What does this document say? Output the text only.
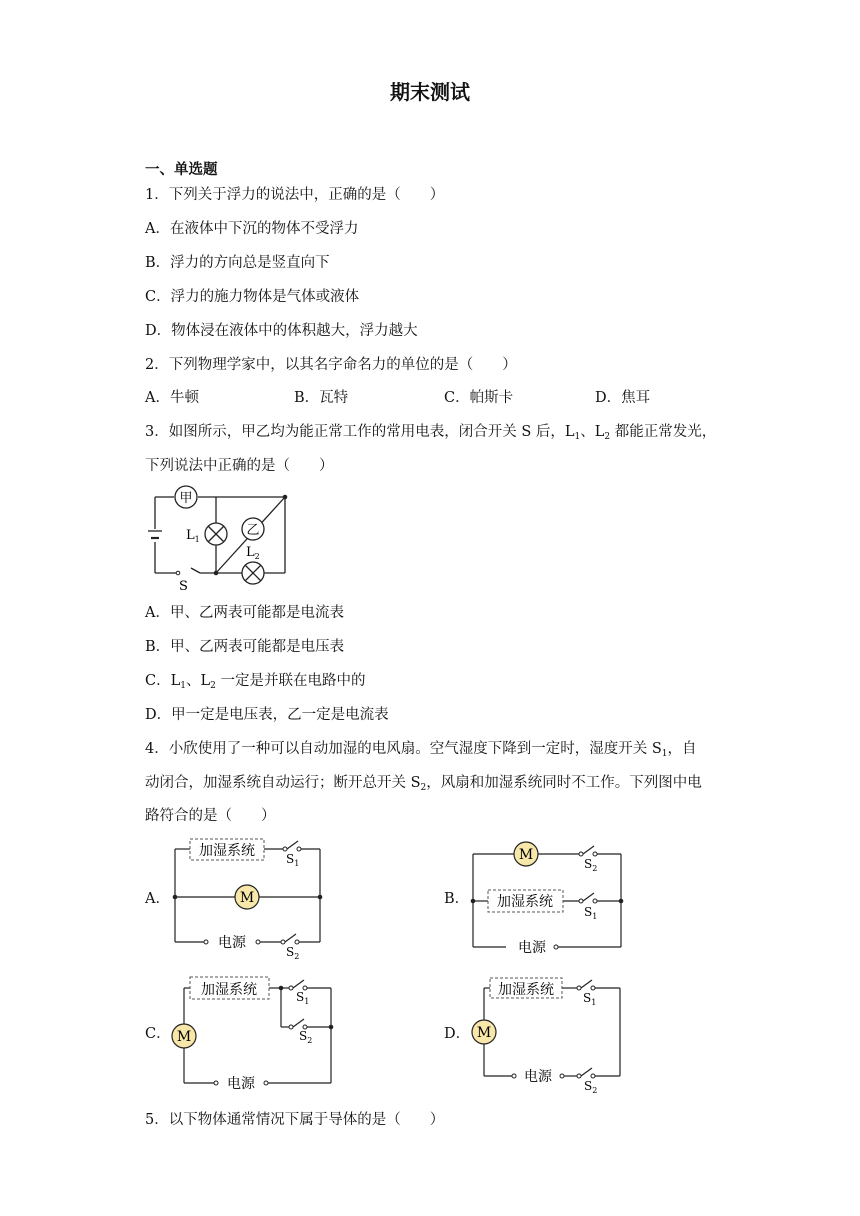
期末测试
一、单选题
1．下列关于浮力的说法中，正确的是（　　）
A．在液体中下沉的物体不受浮力
B．浮力的方向总是竖直向下
C．浮力的施力物体是气体或液体
D．物体浸在液体中的体积越大，浮力越大
2．下列物理学家中，以其名字命名力的单位的是（　　）
A．牛顿	B．瓦特	C．帕斯卡	D．焦耳
3．如图所示，甲乙均为能正常工作的常用电表，闭合开关 S 后，$L_1$、$L_2$ 都能正常发光，
下列说法中正确的是（　　）
甲
$L_1$
乙
$L_2$
S
A．甲、乙两表可能都是电流表
B．甲、乙两表可能都是电压表
C．$L_1$、$L_2$ 一定是并联在电路中的
D．甲一定是电压表，乙一定是电流表
4．小欣使用了一种可以自动加湿的电风扇。空气湿度下降到一定时，湿度开关 $S_1$，自
动闭合，加湿系统自动运行；断开总开关 $S_2$，风扇和加湿系统同时不工作。下列图中电
路符合的是（　　）
A．
加湿系统
M
$S_1$
电源
$S_2$
B．
M
加湿系统
$S_2$
$S_1$
电源
C．
加湿系统
M
$S_1$
$S_2$
电源
D．
加湿系统
M
$S_1$
电源
$S_2$
5．以下物体通常情况下属于导体的是（　　）
